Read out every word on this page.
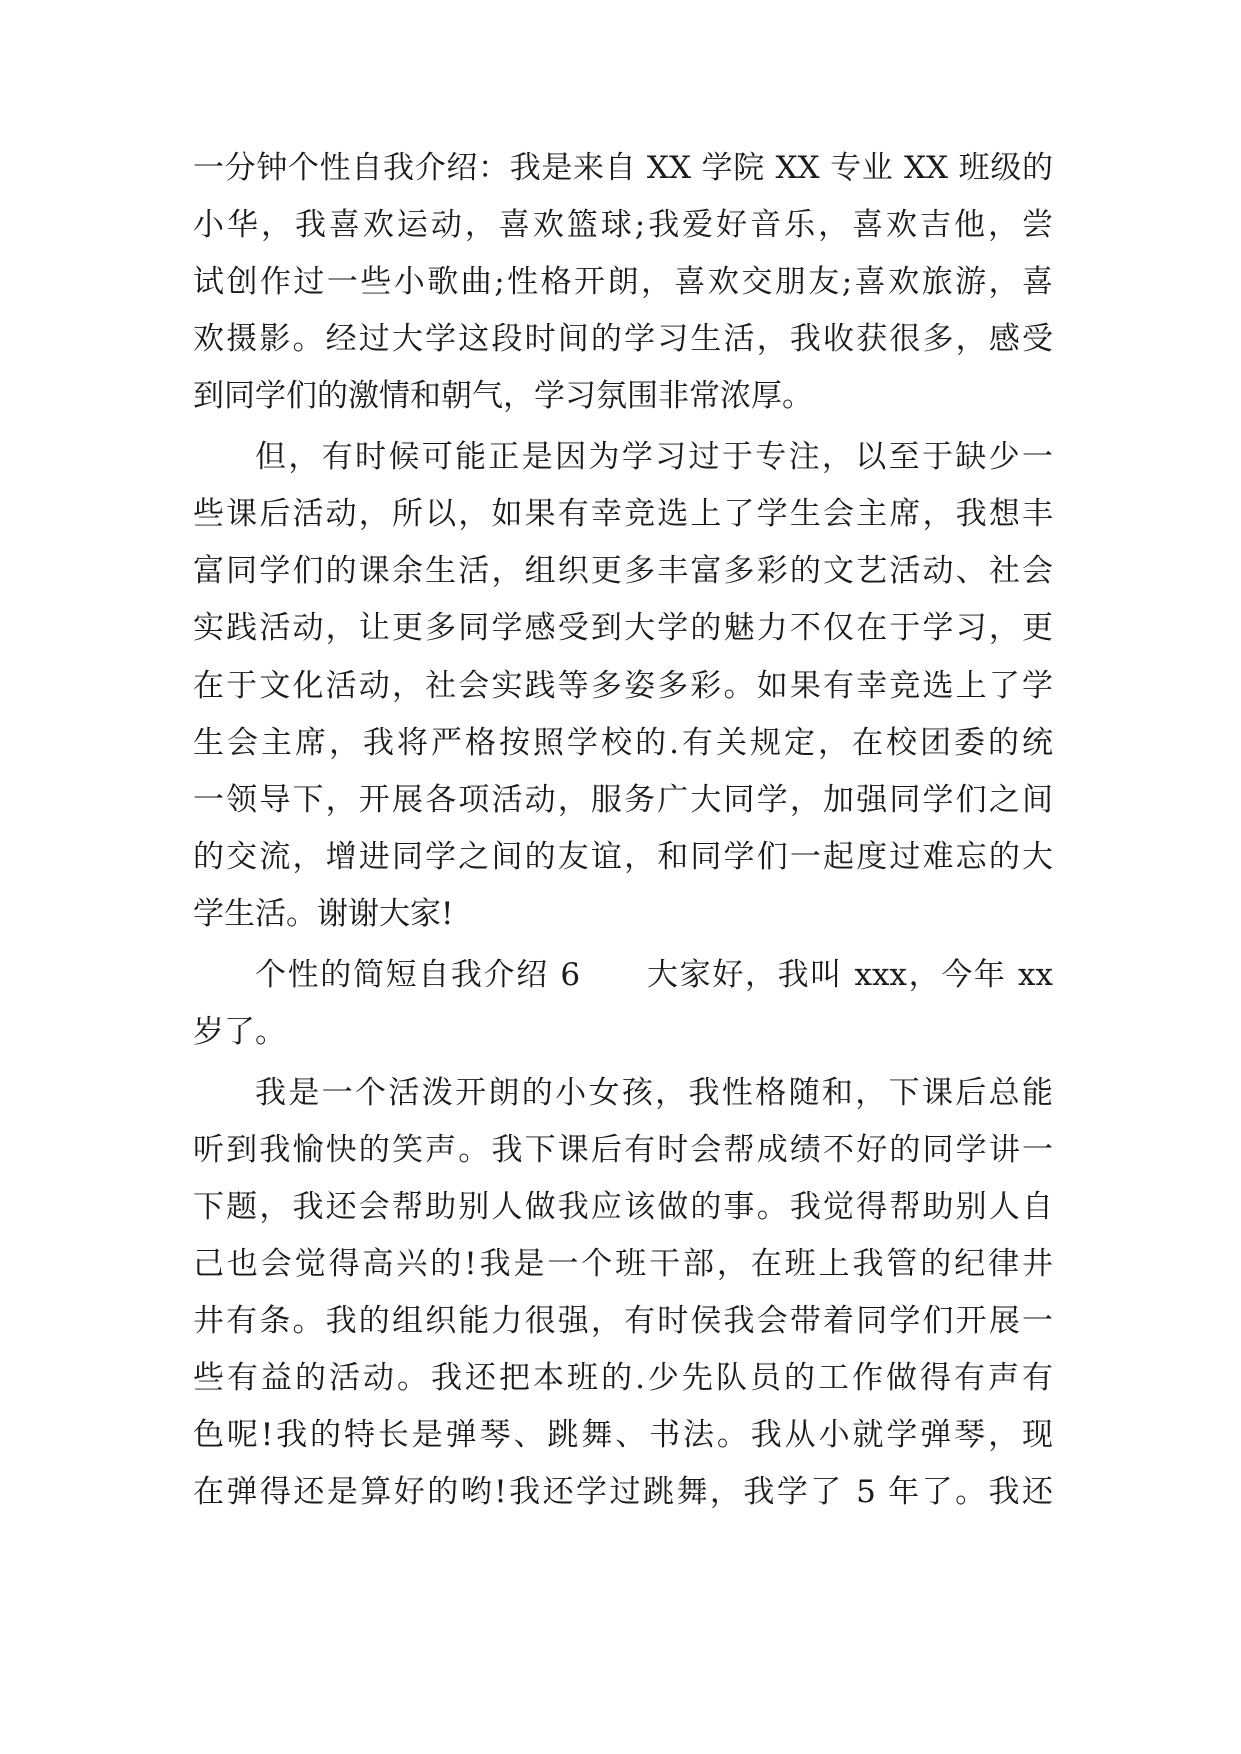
一分钟个性自我介绍：我是来自 XX 学院 XX 专业 XX 班级的
小华，我喜欢运动，喜欢篮球;我爱好音乐，喜欢吉他，尝
试创作过一些小歌曲;性格开朗，喜欢交朋友;喜欢旅游，喜
欢摄影。经过大学这段时间的学习生活，我收获很多，感受
到同学们的激情和朝气，学习氛围非常浓厚。
但，有时候可能正是因为学习过于专注，以至于缺少一
些课后活动，所以，如果有幸竞选上了学生会主席，我想丰
富同学们的课余生活，组织更多丰富多彩的文艺活动、社会
实践活动，让更多同学感受到大学的魅力不仅在于学习，更
在于文化活动，社会实践等多姿多彩。如果有幸竞选上了学
生会主席，我将严格按照学校的.有关规定，在校团委的统
一领导下，开展各项活动，服务广大同学，加强同学们之间
的交流，增进同学之间的友谊，和同学们一起度过难忘的大
学生活。谢谢大家!
个性的简短自我介绍 6　　大家好，我叫 xxx，今年 xx
岁了。
我是一个活泼开朗的小女孩，我性格随和，下课后总能
听到我愉快的笑声。我下课后有时会帮成绩不好的同学讲一
下题，我还会帮助别人做我应该做的事。我觉得帮助别人自
己也会觉得高兴的!我是一个班干部，在班上我管的纪律井
井有条。我的组织能力很强，有时侯我会带着同学们开展一
些有益的活动。我还把本班的.少先队员的工作做得有声有
色呢!我的特长是弹琴、跳舞、书法。我从小就学弹琴，现
在弹得还是算好的哟!我还学过跳舞，我学了 5 年了。我还
